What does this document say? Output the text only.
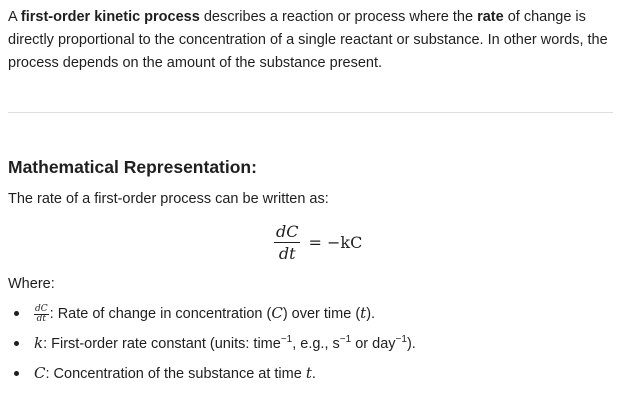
A first-order kinetic process describes a reaction or process where the rate of change is directly proportional to the concentration of a single reactant or substance. In other words, the process depends on the amount of the substance present.

Mathematical Representation:

The rate of a first-order process can be written as:

$\frac{dC}{dt} = -kC$

Where:

$\frac{dC}{dt}$ : Rate of change in concentration (C) over time (t).
k: First-order rate constant (units: time$^{-1}$, e.g., $s^{-1}$ or day$^{-1}$).
C: Concentration of the substance at time t.
